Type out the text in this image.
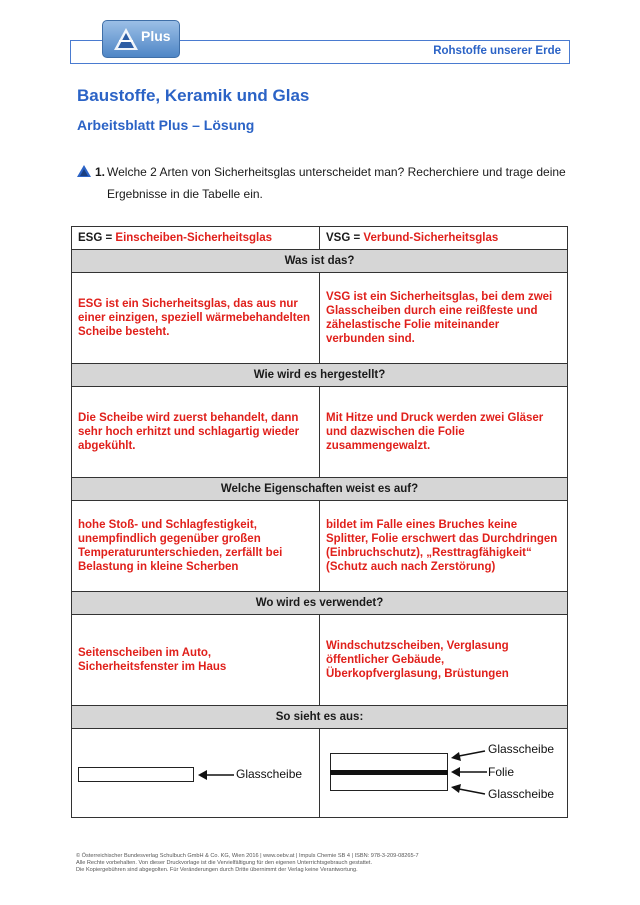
Rohstoffe unserer Erde
Plus
Baustoffe, Keramik und Glas
Arbeitsblatt Plus – Lösung
1. Welche 2 Arten von Sicherheitsglas unterscheidet man? Recherchiere und trage deine Ergebnisse in die Tabelle ein.
ESG = Einscheiben-Sicherheitsglas	VSG = Verbund-Sicherheitsglas
Was ist das?	
ESG ist ein Sicherheitsglas, das aus nur einer einzigen, speziell wärmebehandelten Scheibe besteht.	VSG ist ein Sicherheitsglas, bei dem zwei Glasscheiben durch eine reißfeste und zähelastische Folie miteinander verbunden sind.
Wie wird es hergestellt?	
Die Scheibe wird zuerst behandelt, dann sehr hoch erhitzt und schlagartig wieder abgekühlt.	Mit Hitze und Druck werden zwei Gläser und dazwischen die Folie zusammengewalzt.
Welche Eigenschaften weist es auf?	
hohe Stoß- und Schlagfestigkeit, unempfindlich gegenüber großen Temperaturunterschieden, zerfällt bei Belastung in kleine Scherben	bildet im Falle eines Bruches keine Splitter, Folie erschwert das Durchdringen (Einbruchschutz), „Resttragfähigkeit“ (Schutz auch nach Zerstörung)
Wo wird es verwendet?	
Seitenscheiben im Auto, Sicherheitsfenster im Haus	Windschutzscheiben, Verglasung öffentlicher Gebäude, Überkopfverglasung, Brüstungen
So sieht es aus:	

Glasscheibe	Glasscheibe
Folie
Glasscheibe
© Österreichischer Bundesverlag Schulbuch GmbH & Co. KG, Wien 2016 | www.oebv.at | Impuls Chemie SB 4 | ISBN: 978-3-209-08265-7
Alle Rechte vorbehalten. Von dieser Druckvorlage ist die Vervielfältigung für den eigenen Unterrichtsgebrauch gestattet.
Die Kopiergebühren sind abgegolten. Für Veränderungen durch Dritte übernimmt der Verlag keine Verantwortung.
